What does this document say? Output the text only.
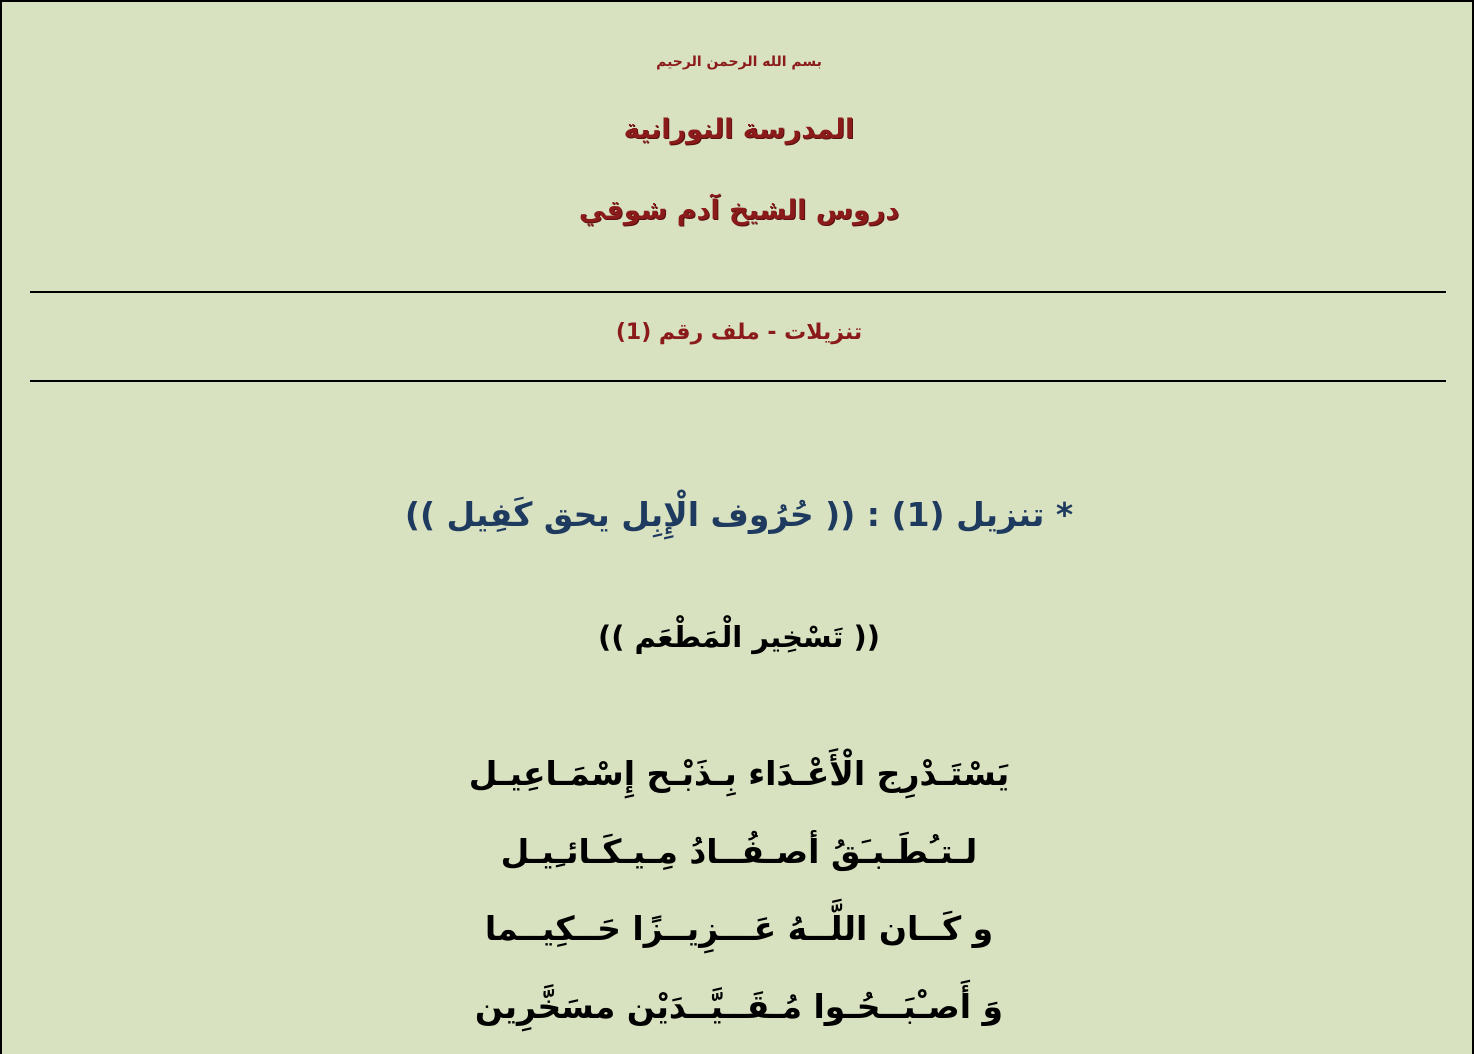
بسم الله الرحمن الرحيم
المدرسة النورانية
دروس الشيخ آدم شوقي
تنزيلات - ملف رقم (1)
* تنزيل (1) : (( حُرُوف الْإِبِل يحق كَفِيل ))
(( تَسْخِير الْمَطْعَم ))
يَسْتَـدْرِج الْأَعْـدَاء بِـذَبْـح إِسْمَـاعِيـل
لـتـُطَـبـَقُ أصـفُــادُ مِـيـكَـائـِيـل
و كَــان اللَّــهُ عَـــزِيــزًا حَــكِيــما
وَ أَصـْبَــحُـوا مُـقَــيَّــدَيْن مسَخَّرِين
